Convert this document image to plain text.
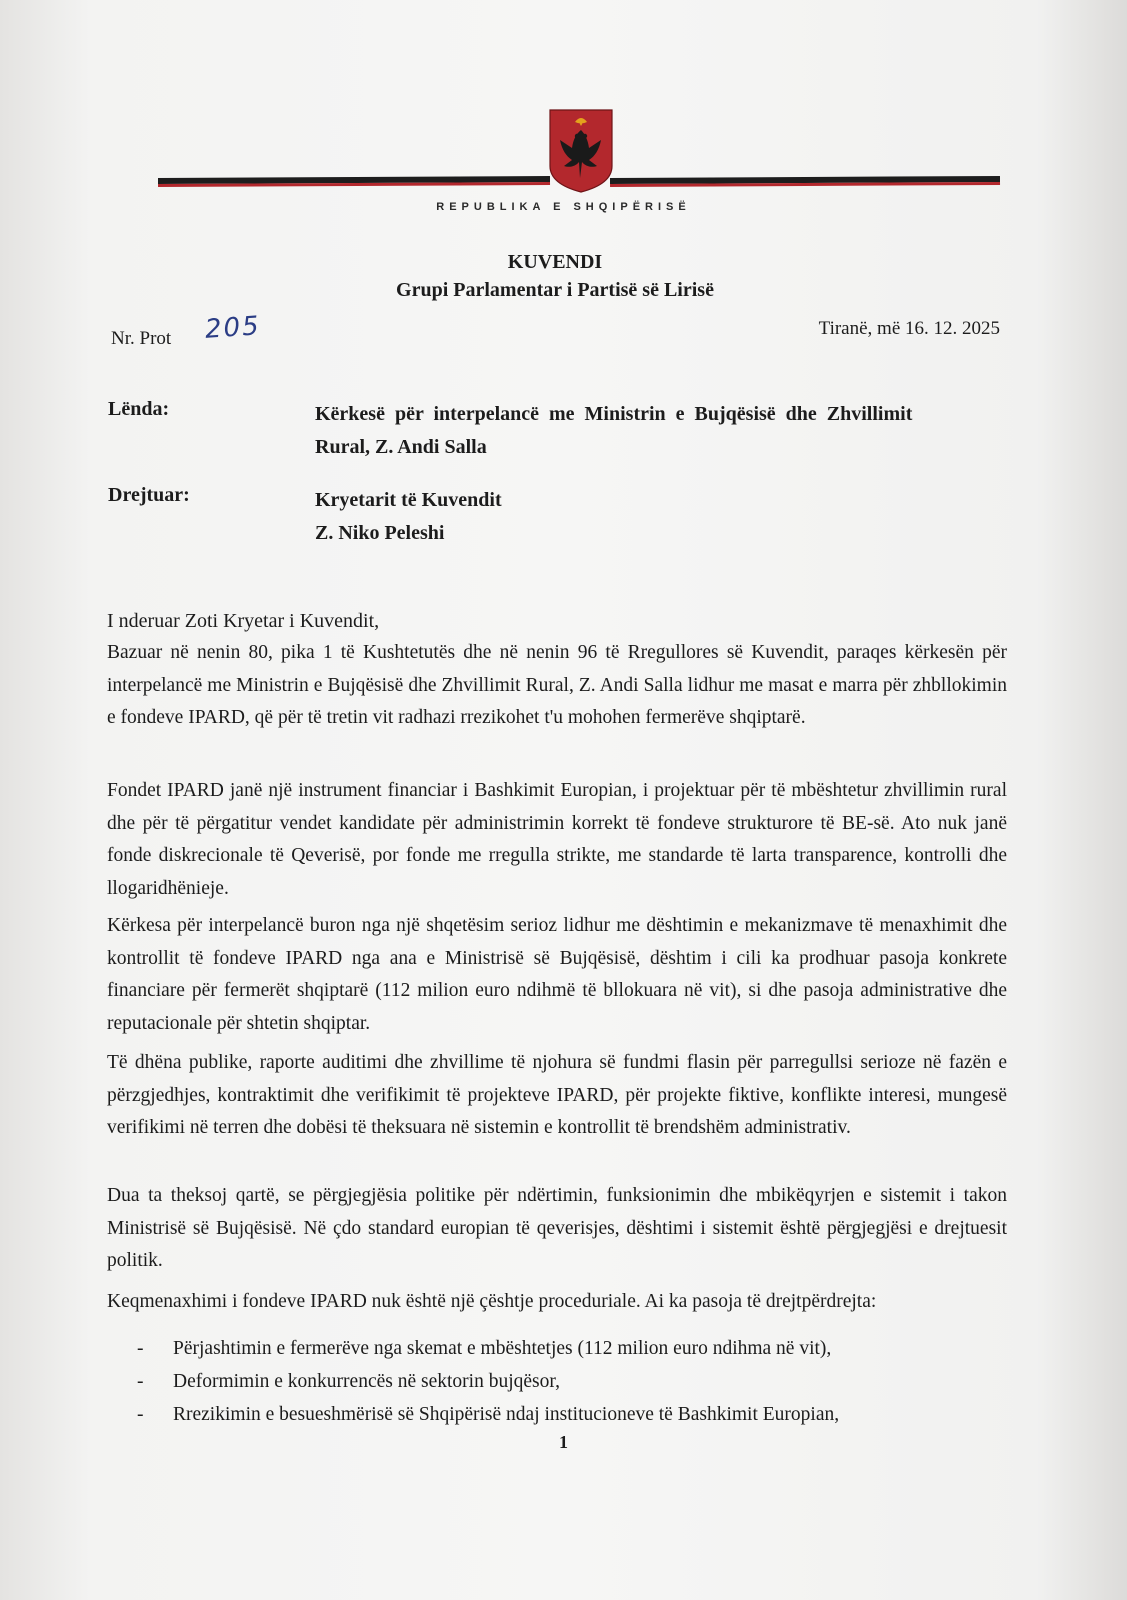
REPUBLIKA E SHQIPËRISË
KUVENDI
Grupi Parlamentar i Partisë së Lirisë
Nr. Prot 205	Tiranë, më 16. 12. 2025
Lënda:	Kërkesë për interpelancë me Ministrin e Bujqësisë dhe Zhvillimit
Rural, Z. Andi Salla
Drejtuar:	Kryetarit të Kuvendit
Z. Niko Peleshi
I nderuar Zoti Kryetar i Kuvendit,

Bazuar në nenin 80, pika 1 të Kushtetutës dhe në nenin 96 të Rregullores së Kuvendit, paraqes kërkesën për interpelancë me Ministrin e Bujqësisë dhe Zhvillimit Rural, Z. Andi Salla lidhur me masat e marra për zhbllokimin e fondeve IPARD, që për të tretin vit radhazi rrezikohet t'u mohohen fermerëve shqiptarë.

Fondet IPARD janë një instrument financiar i Bashkimit Europian, i projektuar për të mbështetur zhvillimin rural dhe për të përgatitur vendet kandidate për administrimin korrekt të fondeve strukturore të BE-së. Ato nuk janë fonde diskrecionale të Qeverisë, por fonde me rregulla strikte, me standarde të larta transparence, kontrolli dhe llogaridhënieje.

Kërkesa për interpelancë buron nga një shqetësim serioz lidhur me dështimin e mekanizmave të menaxhimit dhe kontrollit të fondeve IPARD nga ana e Ministrisë së Bujqësisë, dështim i cili ka prodhuar pasoja konkrete financiare për fermerët shqiptarë (112 milion euro ndihmë të bllokuara në vit), si dhe pasoja administrative dhe reputacionale për shtetin shqiptar.

Të dhëna publike, raporte auditimi dhe zhvillime të njohura së fundmi flasin për parregullsi serioze në fazën e përzgjedhjes, kontraktimit dhe verifikimit të projekteve IPARD, për projekte fiktive, konflikte interesi, mungesë verifikimi në terren dhe dobësi të theksuara në sistemin e kontrollit të brendshëm administrativ.

Dua ta theksoj qartë, se përgjegjësia politike për ndërtimin, funksionimin dhe mbikëqyrjen e sistemit i takon Ministrisë së Bujqësisë. Në çdo standard europian të qeverisjes, dështimi i sistemit është përgjegjësi e drejtuesit politik.

Keqmenaxhimi i fondeve IPARD nuk është një çështje proceduriale. Ai ka pasoja të drejtpërdrejta:

- Përjashtimin e fermerëve nga skemat e mbështetjes (112 milion euro ndihma në vit),
- Deformimin e konkurrencës në sektorin bujqësor,
- Rrezikimin e besueshmërisë së Shqipërisë ndaj institucioneve të Bashkimit Europian,
1
